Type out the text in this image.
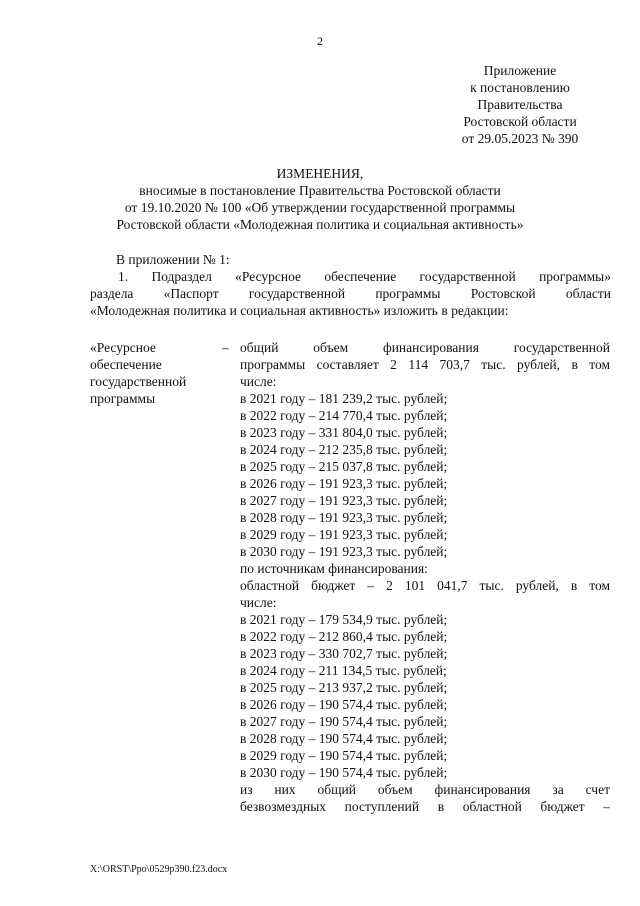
2
Приложение
к постановлению
Правительства
Ростовской области
от 29.05.2023 № 390
ИЗМЕНЕНИЯ,
вносимые в постановление Правительства Ростовской области
от 19.10.2020 № 100 «Об утверждении государственной программы
Ростовской области «Молодежная политика и социальная активность»
В приложении № 1:
1. Подраздел «Ресурсное обеспечение государственной программы»
раздела «Паспорт государственной программы Ростовской области
«Молодежная политика и социальная активность» изложить в редакции:
«Ресурсное
обеспечение
государственной
программы
– общий объем финансирования государственной
программы составляет 2 114 703,7 тыс. рублей, в том
числе:
в 2021 году – 181 239,2 тыс. рублей;
в 2022 году – 214 770,4 тыс. рублей;
в 2023 году – 331 804,0 тыс. рублей;
в 2024 году – 212 235,8 тыс. рублей;
в 2025 году – 215 037,8 тыс. рублей;
в 2026 году – 191 923,3 тыс. рублей;
в 2027 году – 191 923,3 тыс. рублей;
в 2028 году – 191 923,3 тыс. рублей;
в 2029 году – 191 923,3 тыс. рублей;
в 2030 году – 191 923,3 тыс. рублей;
по источникам финансирования:
областной бюджет – 2 101 041,7 тыс. рублей, в том
числе:
в 2021 году – 179 534,9 тыс. рублей;
в 2022 году – 212 860,4 тыс. рублей;
в 2023 году – 330 702,7 тыс. рублей;
в 2024 году – 211 134,5 тыс. рублей;
в 2025 году – 213 937,2 тыс. рублей;
в 2026 году – 190 574,4 тыс. рублей;
в 2027 году – 190 574,4 тыс. рублей;
в 2028 году – 190 574,4 тыс. рублей;
в 2029 году – 190 574,4 тыс. рублей;
в 2030 году – 190 574,4 тыс. рублей;
из них общий объем финансирования за счет
безвозмездных поступлений в областной бюджет –
X:\ORST\Ppo\0529p390.f23.docx
